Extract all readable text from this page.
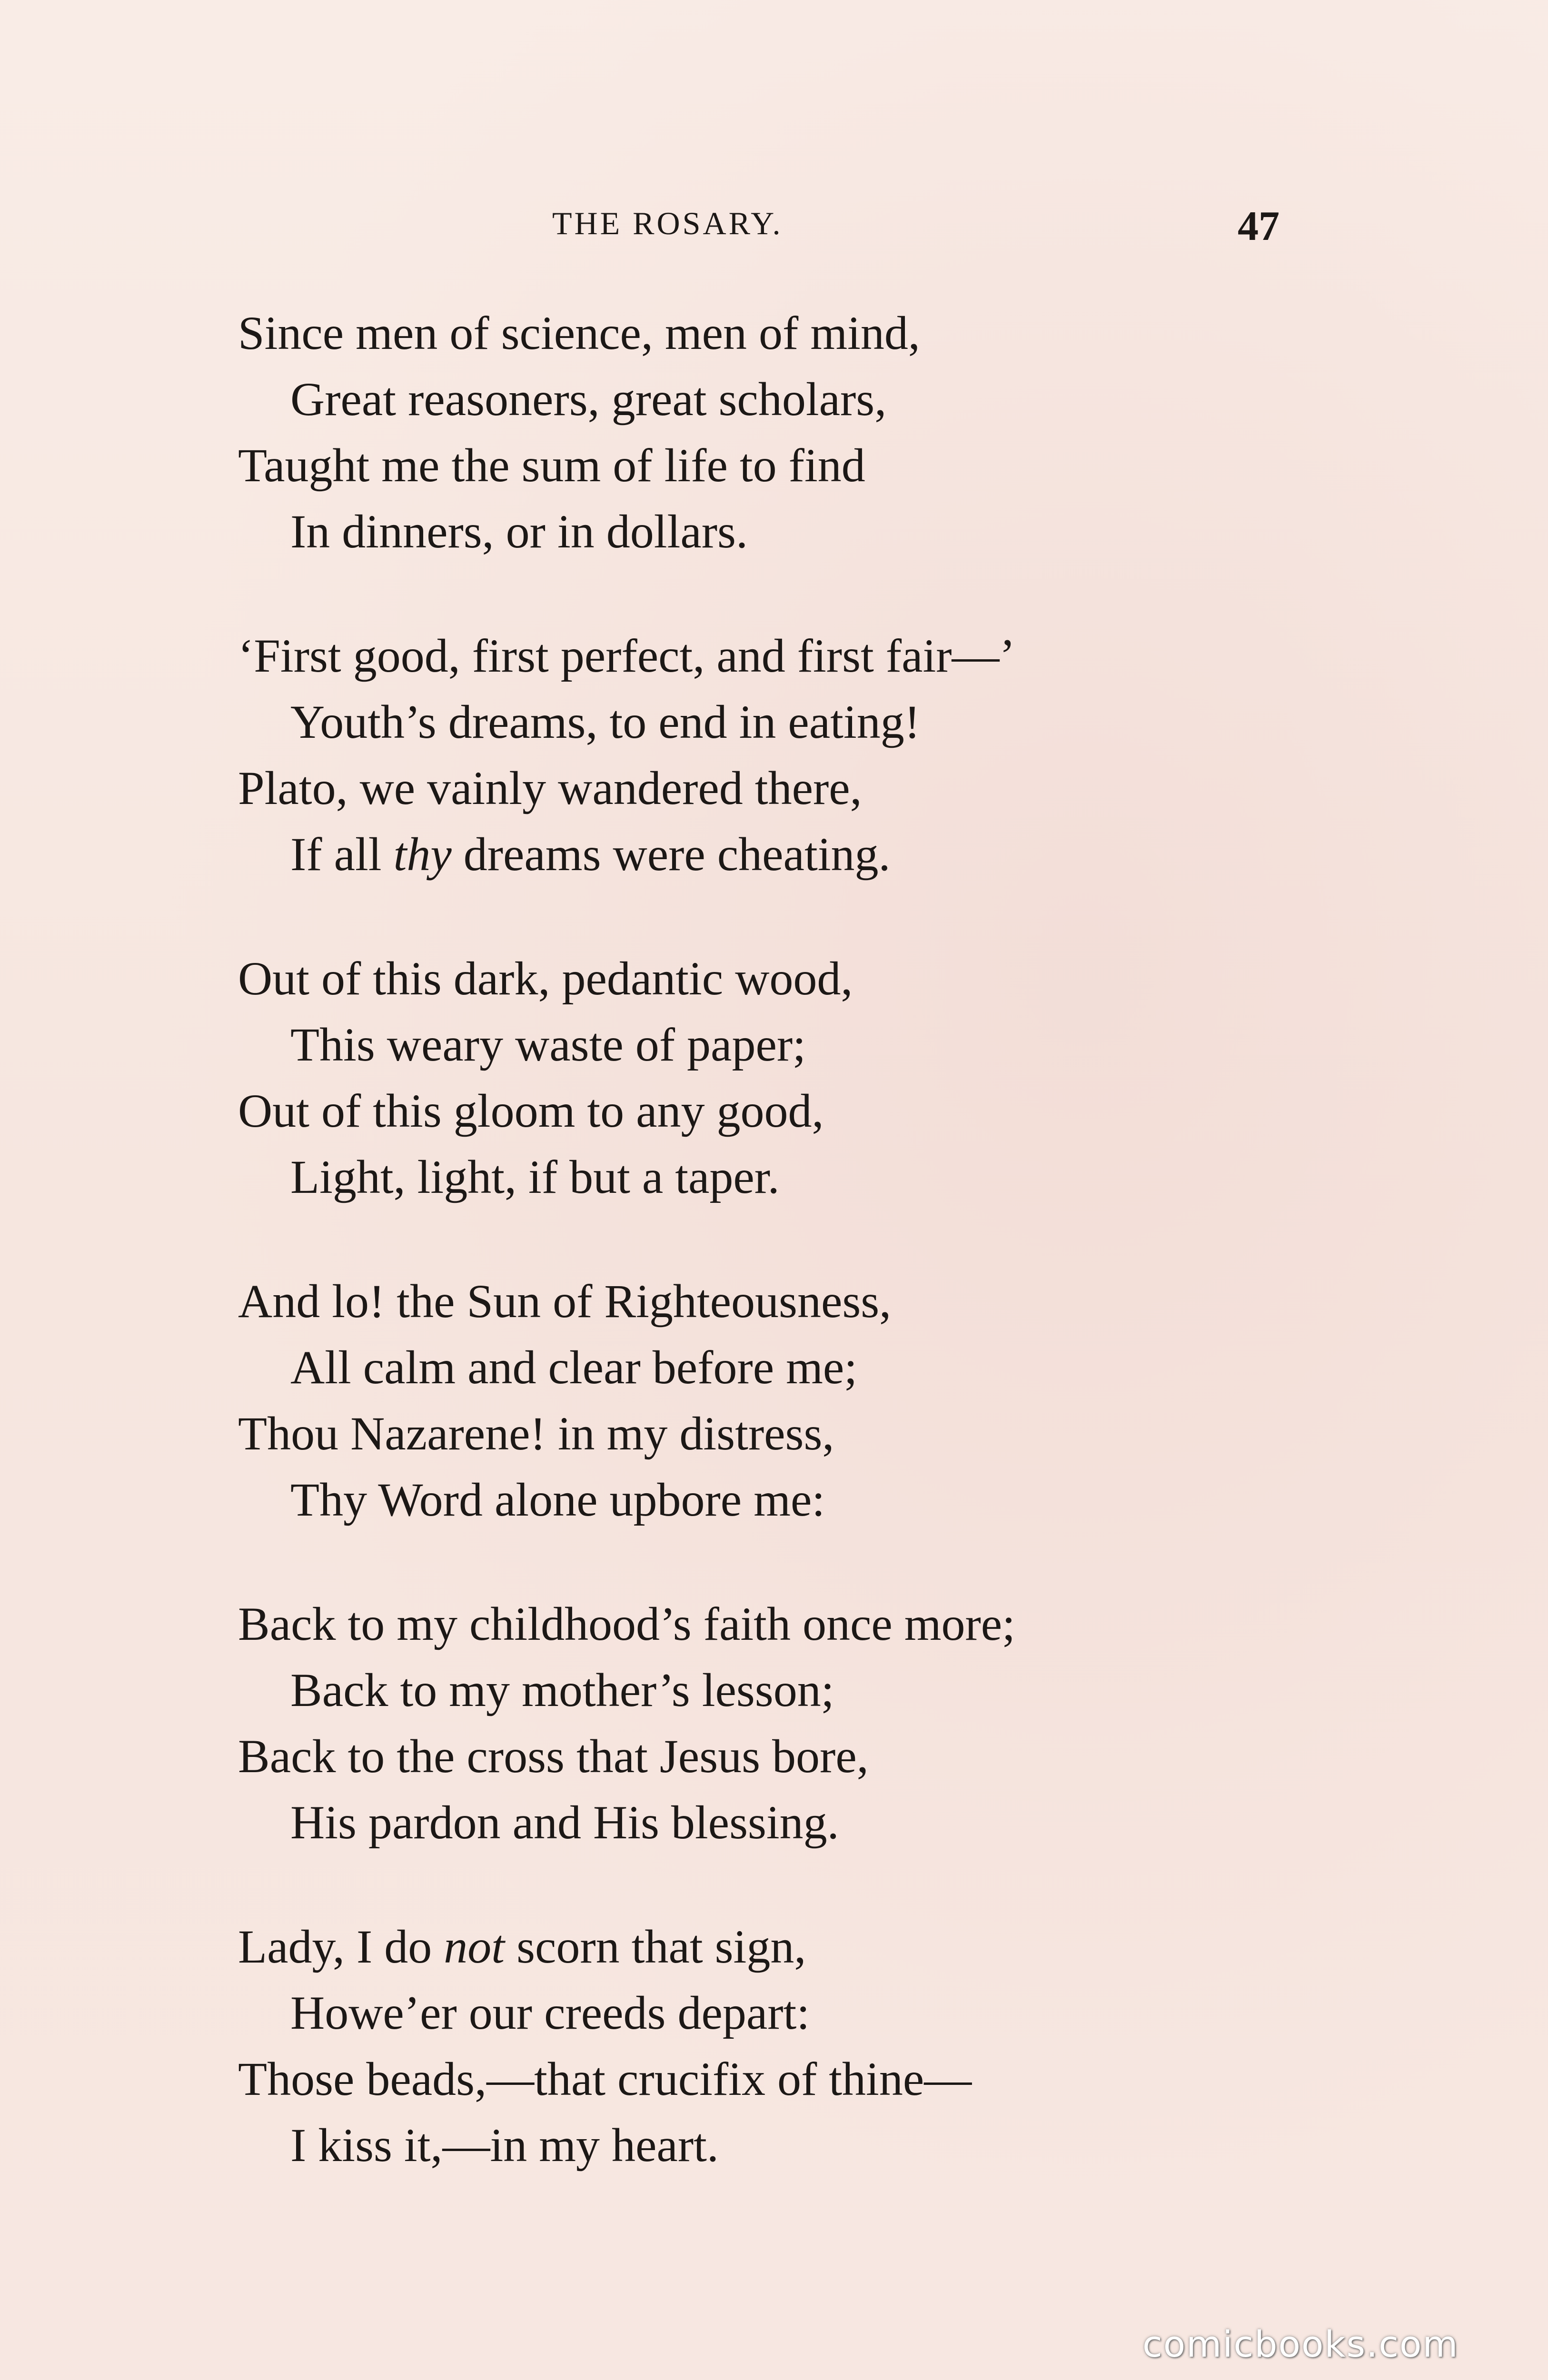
THE ROSARY.	47
Since men of science, men of mind,
Great reasoners, great scholars,
Taught me the sum of life to find
In dinners, or in dollars.
‘First good, first perfect, and first fair—’
Youth’s dreams, to end in eating!
Plato, we vainly wandered there,
If all thy dreams were cheating.
Out of this dark, pedantic wood,
This weary waste of paper;
Out of this gloom to any good,
Light, light, if but a taper.
And lo! the Sun of Righteousness,
All calm and clear before me;
Thou Nazarene! in my distress,
Thy Word alone upbore me:
Back to my childhood’s faith once more;
Back to my mother’s lesson;
Back to the cross that Jesus bore,
His pardon and His blessing.
Lady, I do not scorn that sign,
Howe’er our creeds depart:
Those beads,—that crucifix of thine—
I kiss it,—in my heart.
comicbooks.com
